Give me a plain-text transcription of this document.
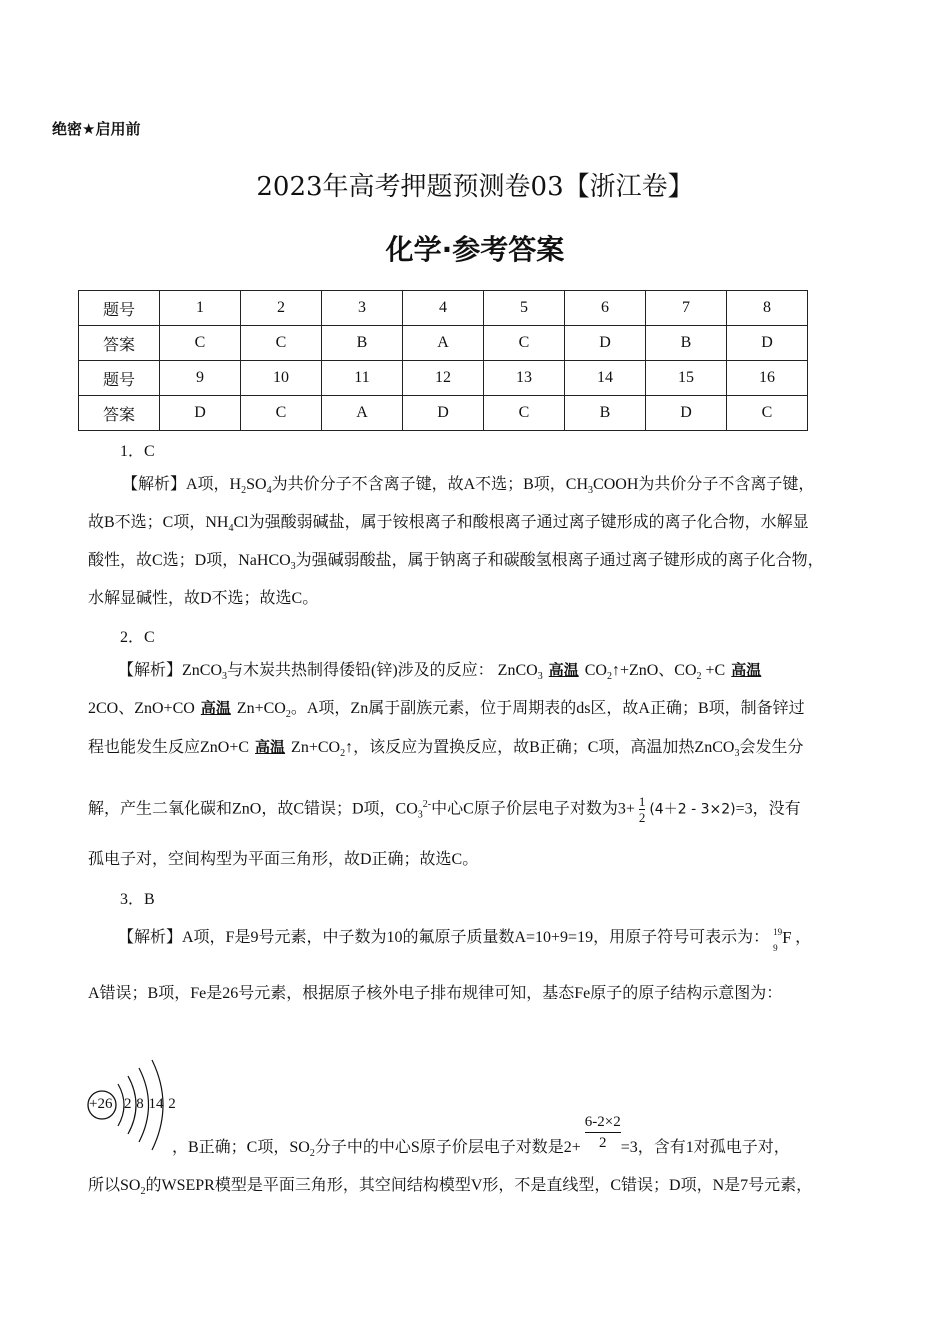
绝密★启用前
2023年高考押题预测卷03【浙江卷】
化学·参考答案
题号	1	2	3	4	5	6	7	8
答案	C	C	B	A	C	D	B	D
题号	9	10	11	12	13	14	15	16
答案	D	C	A	D	C	B	D	C
1．C
【解析】A项，$H_2SO_4$为共价分子不含离子键，故A不选；B项，$CH_3COOH$为共价分子不含离子键，
故B不选；C项，$NH_4Cl$为强酸弱碱盐，属于铵根离子和酸根离子通过离子键形成的离子化合物，水解显
酸性，故C选；D项，NaHCO$_3$为强碱弱酸盐，属于钠离子和碳酸氢根离子通过离子键形成的离子化合物，
水解显碱性，故D不选；故选C。
2．C
【解析】ZnCO$_3$与木炭共热制得倭铅(锌)涉及的反应： ZnCO$_3$ 高温 $CO_2↑+ZnO$、$CO_2 +C$ 高温
2CO、ZnO+CO 高温 $Zn+CO_2$。A项，Zn属于副族元素，位于周期表的ds区，故A正确；B项，制备锌过
程也能发生反应ZnO+C 高温 $Zn+CO_2↑$，该反应为置换反应，故B正确；C项，高温加热ZnCO$_3$会发生分
解，产生二氧化碳和ZnO，故C错误；D项，$CO_3^{2-}$中心C原子价层电子对数为$3+ \frac{1}{2} (4+2 - 3\times 2)=3$，没有
孤电子对，空间构型为平面三角形，故D正确；故选C。
3．B
【解析】A项，F是9号元素，中子数为10的氟原子质量数A=10+9=19，用原子符号可表示为： 19
9
F ，
A错误；B项，Fe是26号元素，根据原子核外电子排布规律可知，基态Fe原子的原子结构示意图为：
+26 2 8 14 2
，B正确；C项，$SO_2$分子中的中心S原子价层电子对数是$2+ \frac{6-2\times 2}{2} =3$，含有1对孤电子对，
所以$SO_2$的WSEPR模型是平面三角形，其空间结构模型V形，不是直线型，C错误；D项，N是7号元素，
